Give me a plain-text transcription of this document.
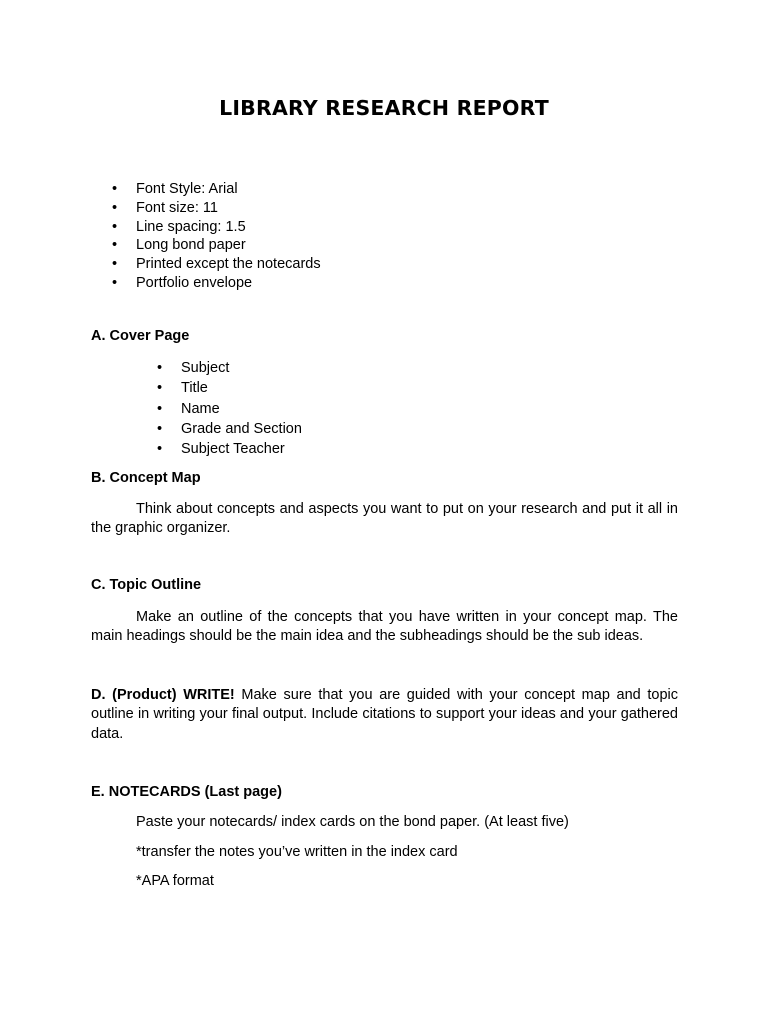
LIBRARY RESEARCH REPORT
• Font Style: Arial
• Font size: 11
• Line spacing: 1.5
• Long bond paper
• Printed except the notecards
• Portfolio envelope
A. Cover Page
• Subject
• Title
• Name
• Grade and Section
• Subject Teacher
B. Concept Map
Think about concepts and aspects you want to put on your research and put it all in the graphic organizer.
C. Topic Outline
Make an outline of the concepts that you have written in your concept map. The main headings should be the main idea and the subheadings should be the sub ideas.
D. (Product) WRITE! Make sure that you are guided with your concept map and topic outline in writing your final output. Include citations to support your ideas and your gathered data.
E. NOTECARDS (Last page)
Paste your notecards/ index cards on the bond paper. (At least five)
*transfer the notes you’ve written in the index card
*APA format
